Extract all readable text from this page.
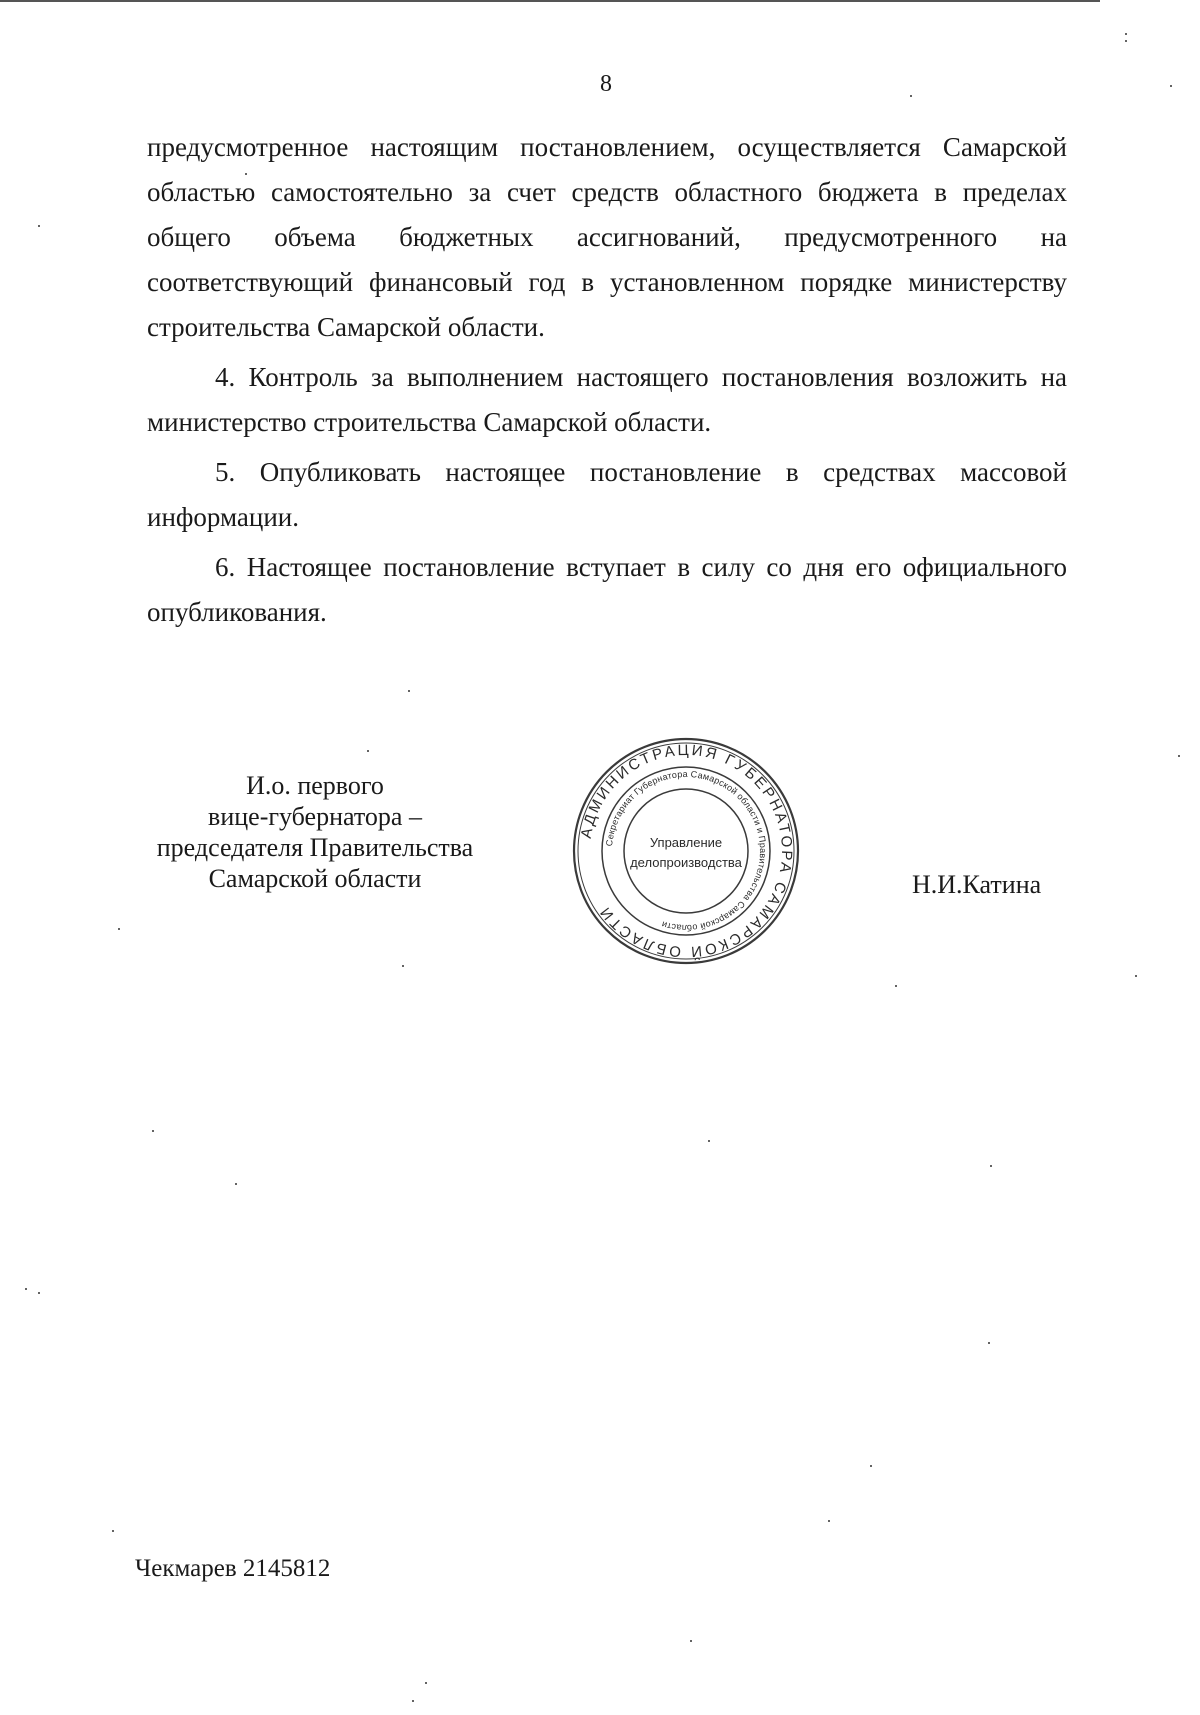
8

предусмотренное настоящим постановлением, осуществляется Самарской областью самостоятельно за счет средств областного бюджета в пределах общего объема бюджетных ассигнований, предусмотренного на соответствующий финансовый год в установленном порядке министерству строительства Самарской области.

4. Контроль за выполнением настоящего постановления возложить на министерство строительства Самарской области.

5. Опубликовать настоящее постановление в средствах массовой информации.

6. Настоящее постановление вступает в силу со дня его официального опубликования.

И.о. первого
вице-губернатора –
председателя Правительства
Самарской области
АДМИНИСТРАЦИЯ ГУБЕРНАТОРА САМАРСКОЙ ОБЛАСТИ
Секретариат Губернатора Самарской области и Правительства Самарской области
Управление
делопроизводства
Н.И.Катина
Чекмарев 2145812
